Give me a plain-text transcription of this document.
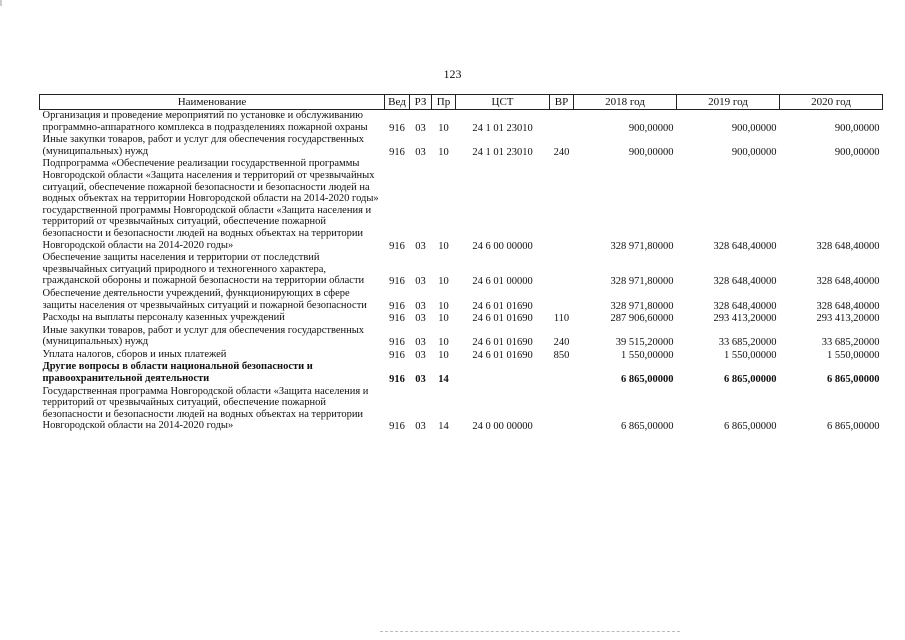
123
Наименование	Вед	РЗ	Пр	ЦСТ	ВР	2018 год	2019 год	2020 год
Организация и проведение мероприятий по установке и обслуживанию программно-аппаратного комплекса в подразделениях пожарной охраны	916	03	10	24 1 01 23010		900,00000	900,00000	900,00000
Иные закупки товаров, работ и услуг для обеспечения государственных (муниципальных) нужд	916	03	10	24 1 01 23010	240	900,00000	900,00000	900,00000
Подпрограмма «Обеспечение реализации государственной программы Новгородской области «Защита населения и территорий от чрезвычайных ситуаций, обеспечение пожарной безопасности и безопасности людей на водных объектах на территории Новгородской области на 2014-2020 годы» государственной программы Новгородской области «Защита населения и территорий от чрезвычайных ситуаций, обеспечение пожарной безопасности и безопасности людей на водных объектах на территории Новгородской области на 2014-2020 годы»	916	03	10	24 6 00 00000		328 971,80000	328 648,40000	328 648,40000
Обеспечение защиты населения и территории от последствий чрезвычайных ситуаций природного и техногенного характера, гражданской обороны и пожарной безопасности на территории области	916	03	10	24 6 01 00000		328 971,80000	328 648,40000	328 648,40000
Обеспечение деятельности учреждений, функционирующих в сфере защиты населения от чрезвычайных ситуаций и пожарной безопасности	916	03	10	24 6 01 01690		328 971,80000	328 648,40000	328 648,40000
Расходы на выплаты персоналу казенных учреждений	916	03	10	24 6 01 01690	110	287 906,60000	293 413,20000	293 413,20000
Иные закупки товаров, работ и услуг для обеспечения государственных (муниципальных) нужд	916	03	10	24 6 01 01690	240	39 515,20000	33 685,20000	33 685,20000
Уплата налогов, сборов и иных платежей	916	03	10	24 6 01 01690	850	1 550,00000	1 550,00000	1 550,00000
Другие вопросы в области национальной безопасности и правоохранительной деятельности	916	03	14			6 865,00000	6 865,00000	6 865,00000
Государственная программа Новгородской области «Защита населения и территорий от чрезвычайных ситуаций, обеспечение пожарной безопасности и безопасности людей на водных объектах на территории Новгородской области на 2014-2020 годы»	916	03	14	24 0 00 00000		6 865,00000	6 865,00000	6 865,00000
